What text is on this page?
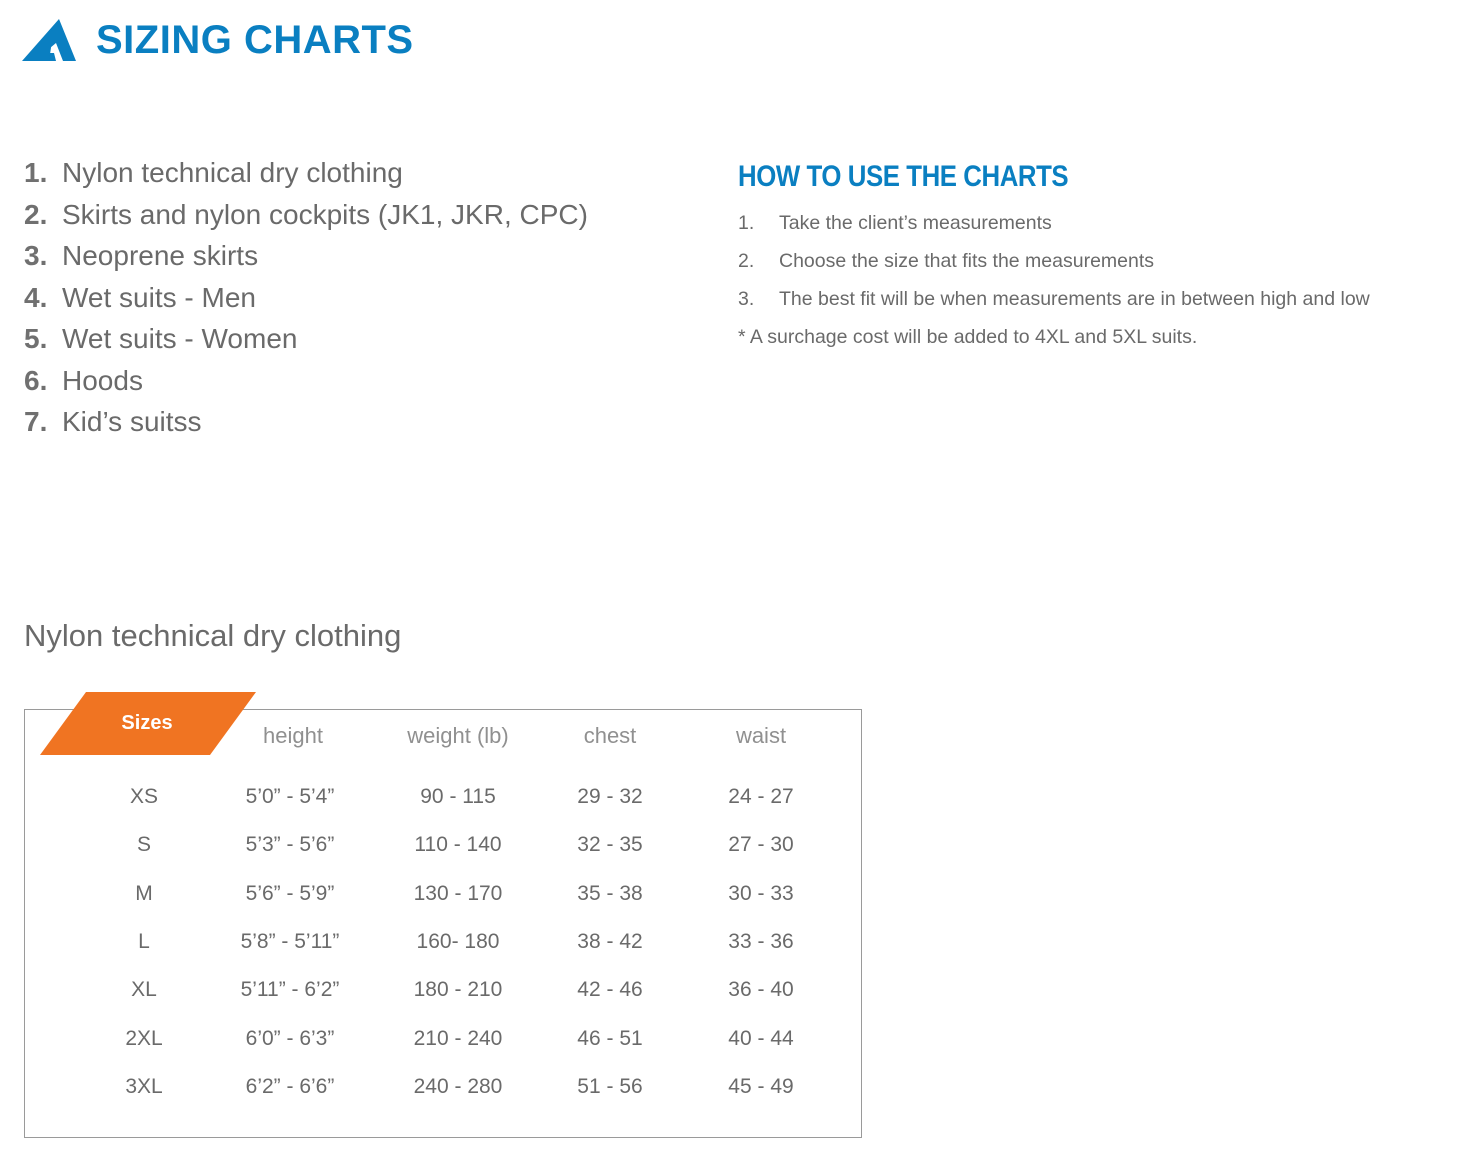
SIZING CHARTS
1. Nylon technical dry clothing
2. Skirts and nylon cockpits (JK1, JKR, CPC)
3. Neoprene skirts
4. Wet suits - Men
5. Wet suits - Women
6. Hoods
7. Kid’s suitss
HOW TO USE THE CHARTS
1. Take the client’s measurements
2. Choose the size that fits the measurements
3. The best fit will be when measurements are in between high and low
* A surchage cost will be added to 4XL and 5XL suits.
Nylon technical dry clothing
Sizes	height	weight (lb)	chest	waist
XS	5’0” - 5’4”	90 - 115	29 - 32	24 - 27
S	5’3” - 5’6”	110 - 140	32 - 35	27 - 30
M	5’6” - 5’9”	130 - 170	35 - 38	30 - 33
L	5’8” - 5’11”	160- 180	38 - 42	33 - 36
XL	5’11” - 6’2”	180 - 210	42 - 46	36 - 40
2XL	6’0” - 6’3”	210 - 240	46 - 51	40 - 44
3XL	6’2” - 6’6”	240 - 280	51 - 56	45 - 49
